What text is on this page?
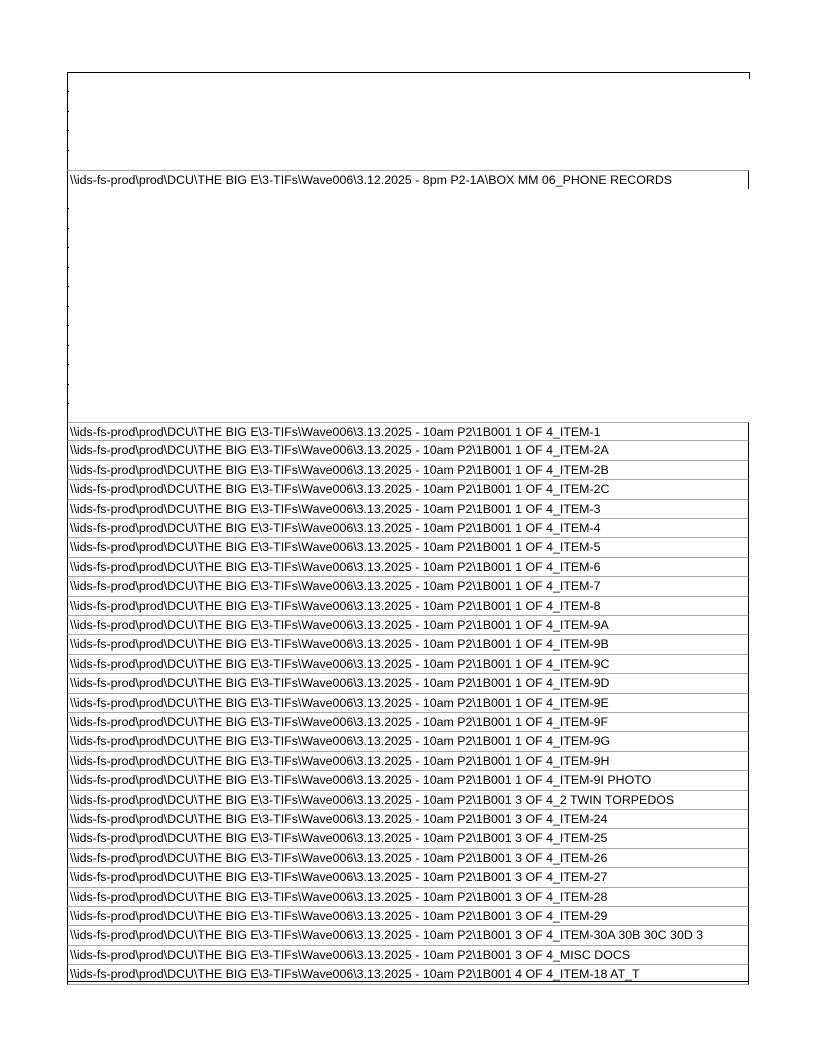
\\ids-fs-prod\prod\DCU\THE BIG E\3-TIFs\Wave006\3.12.2025 - 8pm P2-1A\BOX MM 06_PHONE RECORDS
\\ids-fs-prod\prod\DCU\THE BIG E\3-TIFs\Wave006\3.13.2025 - 10am P2\1B001 1 OF 4_ITEM-1
\\ids-fs-prod\prod\DCU\THE BIG E\3-TIFs\Wave006\3.13.2025 - 10am P2\1B001 1 OF 4_ITEM-2A
\\ids-fs-prod\prod\DCU\THE BIG E\3-TIFs\Wave006\3.13.2025 - 10am P2\1B001 1 OF 4_ITEM-2B
\\ids-fs-prod\prod\DCU\THE BIG E\3-TIFs\Wave006\3.13.2025 - 10am P2\1B001 1 OF 4_ITEM-2C
\\ids-fs-prod\prod\DCU\THE BIG E\3-TIFs\Wave006\3.13.2025 - 10am P2\1B001 1 OF 4_ITEM-3
\\ids-fs-prod\prod\DCU\THE BIG E\3-TIFs\Wave006\3.13.2025 - 10am P2\1B001 1 OF 4_ITEM-4
\\ids-fs-prod\prod\DCU\THE BIG E\3-TIFs\Wave006\3.13.2025 - 10am P2\1B001 1 OF 4_ITEM-5
\\ids-fs-prod\prod\DCU\THE BIG E\3-TIFs\Wave006\3.13.2025 - 10am P2\1B001 1 OF 4_ITEM-6
\\ids-fs-prod\prod\DCU\THE BIG E\3-TIFs\Wave006\3.13.2025 - 10am P2\1B001 1 OF 4_ITEM-7
\\ids-fs-prod\prod\DCU\THE BIG E\3-TIFs\Wave006\3.13.2025 - 10am P2\1B001 1 OF 4_ITEM-8
\\ids-fs-prod\prod\DCU\THE BIG E\3-TIFs\Wave006\3.13.2025 - 10am P2\1B001 1 OF 4_ITEM-9A
\\ids-fs-prod\prod\DCU\THE BIG E\3-TIFs\Wave006\3.13.2025 - 10am P2\1B001 1 OF 4_ITEM-9B
\\ids-fs-prod\prod\DCU\THE BIG E\3-TIFs\Wave006\3.13.2025 - 10am P2\1B001 1 OF 4_ITEM-9C
\\ids-fs-prod\prod\DCU\THE BIG E\3-TIFs\Wave006\3.13.2025 - 10am P2\1B001 1 OF 4_ITEM-9D
\\ids-fs-prod\prod\DCU\THE BIG E\3-TIFs\Wave006\3.13.2025 - 10am P2\1B001 1 OF 4_ITEM-9E
\\ids-fs-prod\prod\DCU\THE BIG E\3-TIFs\Wave006\3.13.2025 - 10am P2\1B001 1 OF 4_ITEM-9F
\\ids-fs-prod\prod\DCU\THE BIG E\3-TIFs\Wave006\3.13.2025 - 10am P2\1B001 1 OF 4_ITEM-9G
\\ids-fs-prod\prod\DCU\THE BIG E\3-TIFs\Wave006\3.13.2025 - 10am P2\1B001 1 OF 4_ITEM-9H
\\ids-fs-prod\prod\DCU\THE BIG E\3-TIFs\Wave006\3.13.2025 - 10am P2\1B001 1 OF 4_ITEM-9I PHOTO
\\ids-fs-prod\prod\DCU\THE BIG E\3-TIFs\Wave006\3.13.2025 - 10am P2\1B001 3 OF 4_2 TWIN TORPEDOS
\\ids-fs-prod\prod\DCU\THE BIG E\3-TIFs\Wave006\3.13.2025 - 10am P2\1B001 3 OF 4_ITEM-24
\\ids-fs-prod\prod\DCU\THE BIG E\3-TIFs\Wave006\3.13.2025 - 10am P2\1B001 3 OF 4_ITEM-25
\\ids-fs-prod\prod\DCU\THE BIG E\3-TIFs\Wave006\3.13.2025 - 10am P2\1B001 3 OF 4_ITEM-26
\\ids-fs-prod\prod\DCU\THE BIG E\3-TIFs\Wave006\3.13.2025 - 10am P2\1B001 3 OF 4_ITEM-27
\\ids-fs-prod\prod\DCU\THE BIG E\3-TIFs\Wave006\3.13.2025 - 10am P2\1B001 3 OF 4_ITEM-28
\\ids-fs-prod\prod\DCU\THE BIG E\3-TIFs\Wave006\3.13.2025 - 10am P2\1B001 3 OF 4_ITEM-29
\\ids-fs-prod\prod\DCU\THE BIG E\3-TIFs\Wave006\3.13.2025 - 10am P2\1B001 3 OF 4_ITEM-30A 30B 30C 30D 3
\\ids-fs-prod\prod\DCU\THE BIG E\3-TIFs\Wave006\3.13.2025 - 10am P2\1B001 3 OF 4_MISC DOCS
\\ids-fs-prod\prod\DCU\THE BIG E\3-TIFs\Wave006\3.13.2025 - 10am P2\1B001 4 OF 4_ITEM-18 AT_T
